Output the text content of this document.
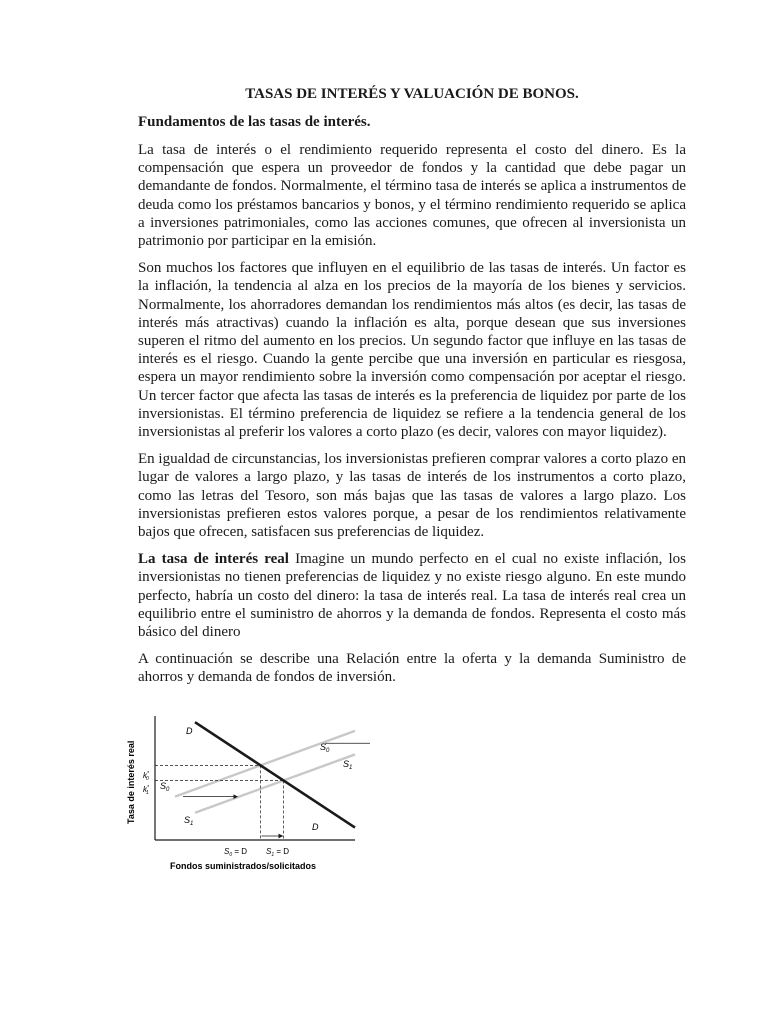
TASAS DE INTERÉS Y VALUACIÓN DE BONOS.
Fundamentos de las tasas de interés.

La tasa de interés o el rendimiento requerido representa el costo del dinero. Es la compensación que espera un proveedor de fondos y la cantidad que debe pagar un demandante de fondos. Normalmente, el término tasa de interés se aplica a instrumentos de deuda como los préstamos bancarios y bonos, y el término rendimiento requerido se aplica a inversiones patrimoniales, como las acciones comunes, que ofrecen al inversionista un patrimonio por participar en la emisión.

Son muchos los factores que influyen en el equilibrio de las tasas de interés. Un factor es la inflación, la tendencia al alza en los precios de la mayoría de los bienes y servicios. Normalmente, los ahorradores demandan los rendimientos más altos (es decir, las tasas de interés más atractivas) cuando la inflación es alta, porque desean que sus inversiones superen el ritmo del aumento en los precios. Un segundo factor que influye en las tasas de interés es el riesgo. Cuando la gente percibe que una inversión en particular es riesgosa, espera un mayor rendimiento sobre la inversión como compensación por aceptar el riesgo. Un tercer factor que afecta las tasas de interés es la preferencia de liquidez por parte de los inversionistas. El término preferencia de liquidez se refiere a la tendencia general de los inversionistas al preferir los valores a corto plazo (es decir, valores con mayor liquidez).

En igualdad de circunstancias, los inversionistas prefieren comprar valores a corto plazo en lugar de valores a largo plazo, y las tasas de interés de los instrumentos a corto plazo, como las letras del Tesoro, son más bajas que las tasas de valores a largo plazo. Los inversionistas prefieren estos valores porque, a pesar de los rendimientos relativamente bajos que ofrecen, satisfacen sus preferencias de liquidez.

La tasa de interés real Imagine un mundo perfecto en el cual no existe inflación, los inversionistas no tienen preferencias de liquidez y no existe riesgo alguno. En este mundo perfecto, habría un costo del dinero: la tasa de interés real. La tasa de interés real crea un equilibrio entre el suministro de ahorros y la demanda de fondos. Representa el costo más básico del dinero

A continuación se describe una Relación entre la oferta y la demanda Suministro de ahorros y demanda de fondos de inversión.

D
D
$S_0$
$S_0$
$S_1$
$S_1$
k* 0
k* 1
$S_0 = D$ $S_1 = D$
Tasa de interés real
Fondos suministrados/solicitados
